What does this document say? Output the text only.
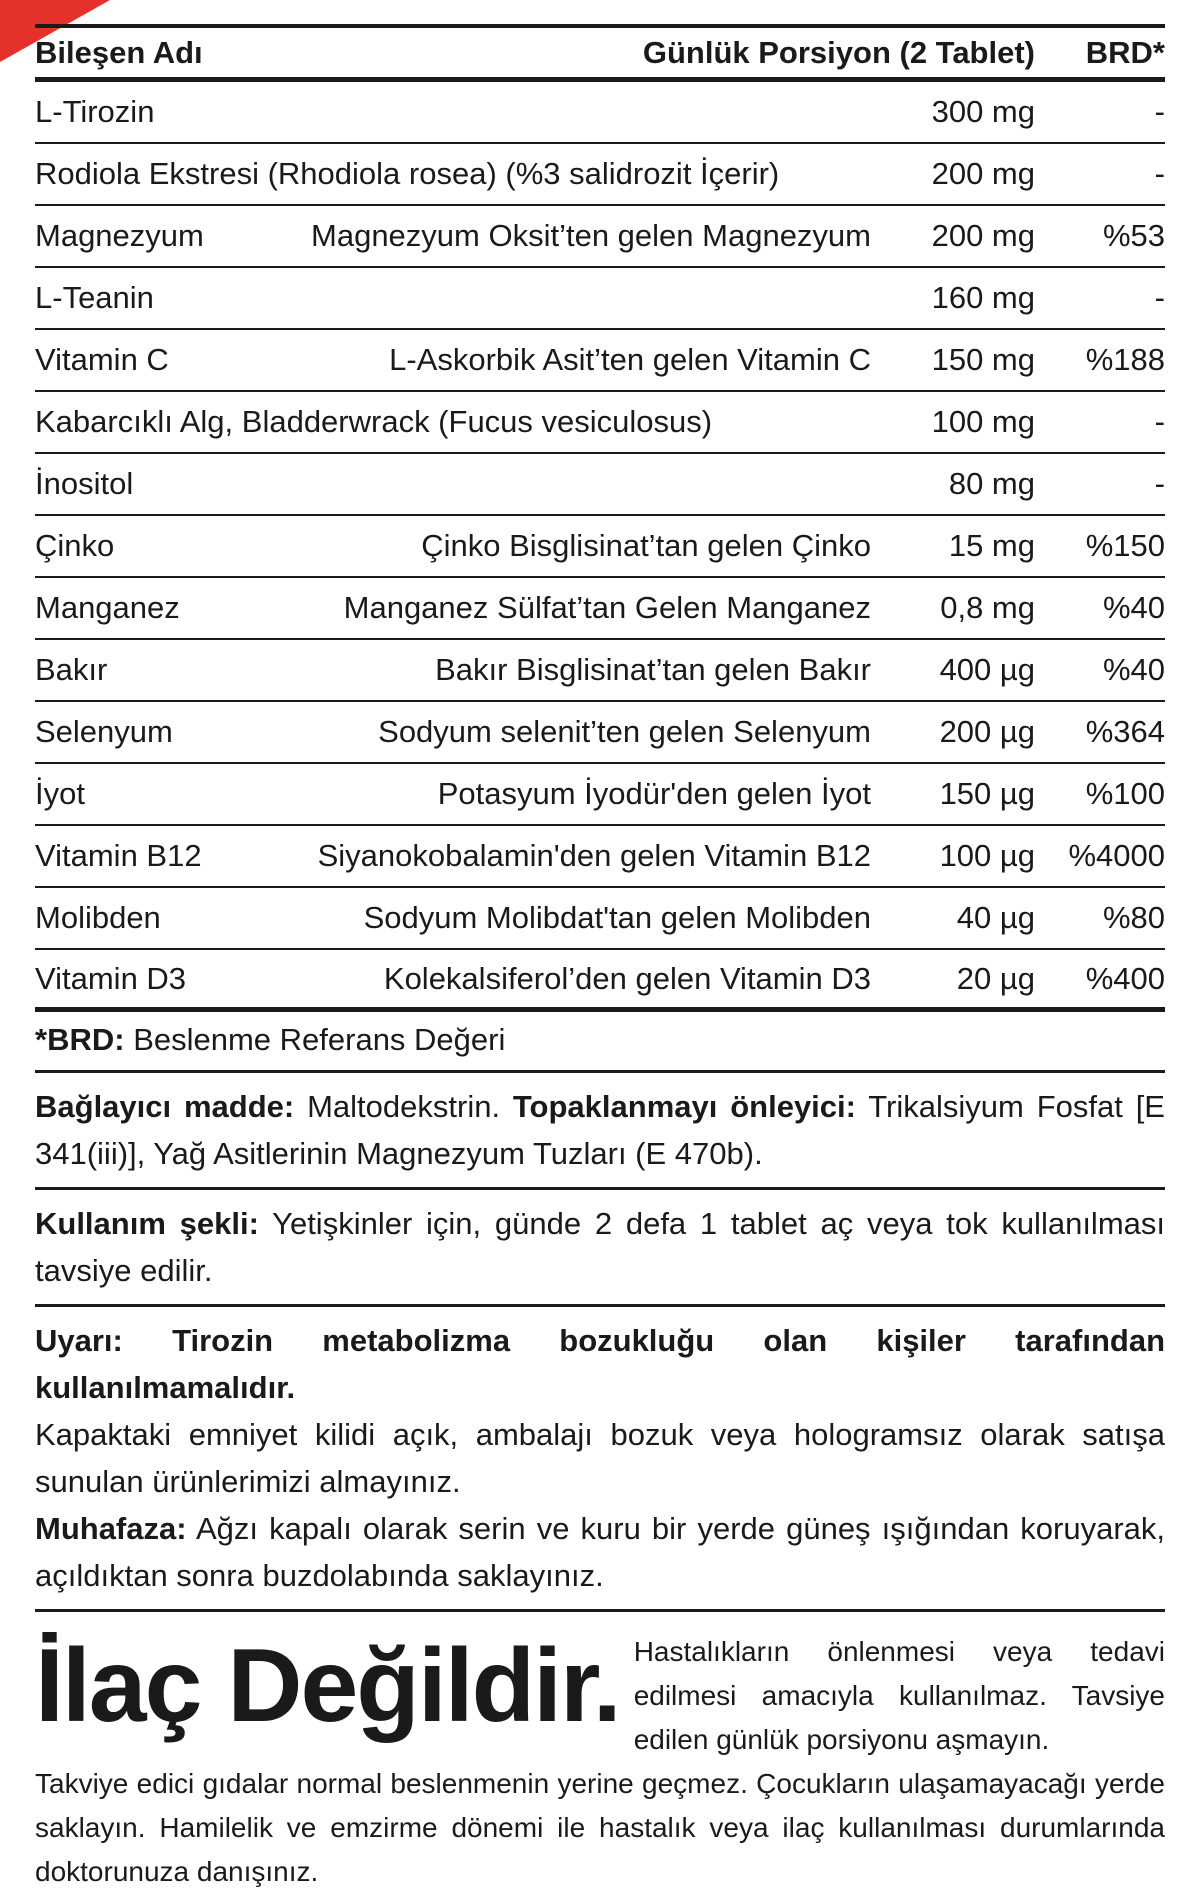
Bileşen Adı	Günlük Porsiyon (2 Tablet)	BRD*
L-Tirozin	300 mg	-
Rodiola Ekstresi (Rhodiola rosea) (%3 salidrozit İçerir)	200 mg	-
Magnezyum	Magnezyum Oksit’ten gelen Magnezyum	200 mg	%53
L-Teanin	160 mg	-
Vitamin C	L-Askorbik Asit’ten gelen Vitamin C	150 mg	%188
Kabarcıklı Alg, Bladderwrack (Fucus vesiculosus)	100 mg	-
İnositol	80 mg	-
Çinko	Çinko Bisglisinat’tan gelen Çinko	15 mg	%150
Manganez	Manganez Sülfat’tan Gelen Manganez	0,8 mg	%40
Bakır	Bakır Bisglisinat’tan gelen Bakır	400 µg	%40
Selenyum	Sodyum selenit’ten gelen Selenyum	200 µg	%364
İyot	Potasyum İyodür'den gelen İyot	150 µg	%100
Vitamin B12	Siyanokobalamin'den gelen Vitamin B12	100 µg	%4000
Molibden	Sodyum Molibdat'tan gelen Molibden	40 µg	%80
Vitamin D3	Kolekalsiferol’den gelen Vitamin D3	20 µg	%400
*BRD: Beslenme Referans Değeri
Bağlayıcı madde: Maltodekstrin. Topaklanmayı önleyici: Trikalsiyum Fosfat [E 341(iii)], Yağ Asitlerinin Magnezyum Tuzları (E 470b).
Kullanım şekli: Yetişkinler için, günde 2 defa 1 tablet aç veya tok kullanılması tavsiye edilir.

Uyarı: Tirozin metabolizma bozukluğu olan kişiler tarafından kullanılmamalıdır.

Kapaktaki emniyet kilidi açık, ambalajı bozuk veya hologramsız olarak satışa sunulan ürünlerimizi almayınız.

Muhafaza: Ağzı kapalı olarak serin ve kuru bir yerde güneş ışığından koruyarak, açıldıktan sonra buzdolabında saklayınız.

İlaç Değildir. Hastalıkların önlenmesi veya tedavi edilmesi amacıyla kullanılmaz. Tavsiye edilen günlük porsiyonu aşmayın.
Takviye edici gıdalar normal beslenmenin yerine geçmez. Çocukların ulaşamayacağı yerde saklayın. Hamilelik ve emzirme dönemi ile hastalık veya ilaç kullanılması durumlarında doktorunuza danışınız.
